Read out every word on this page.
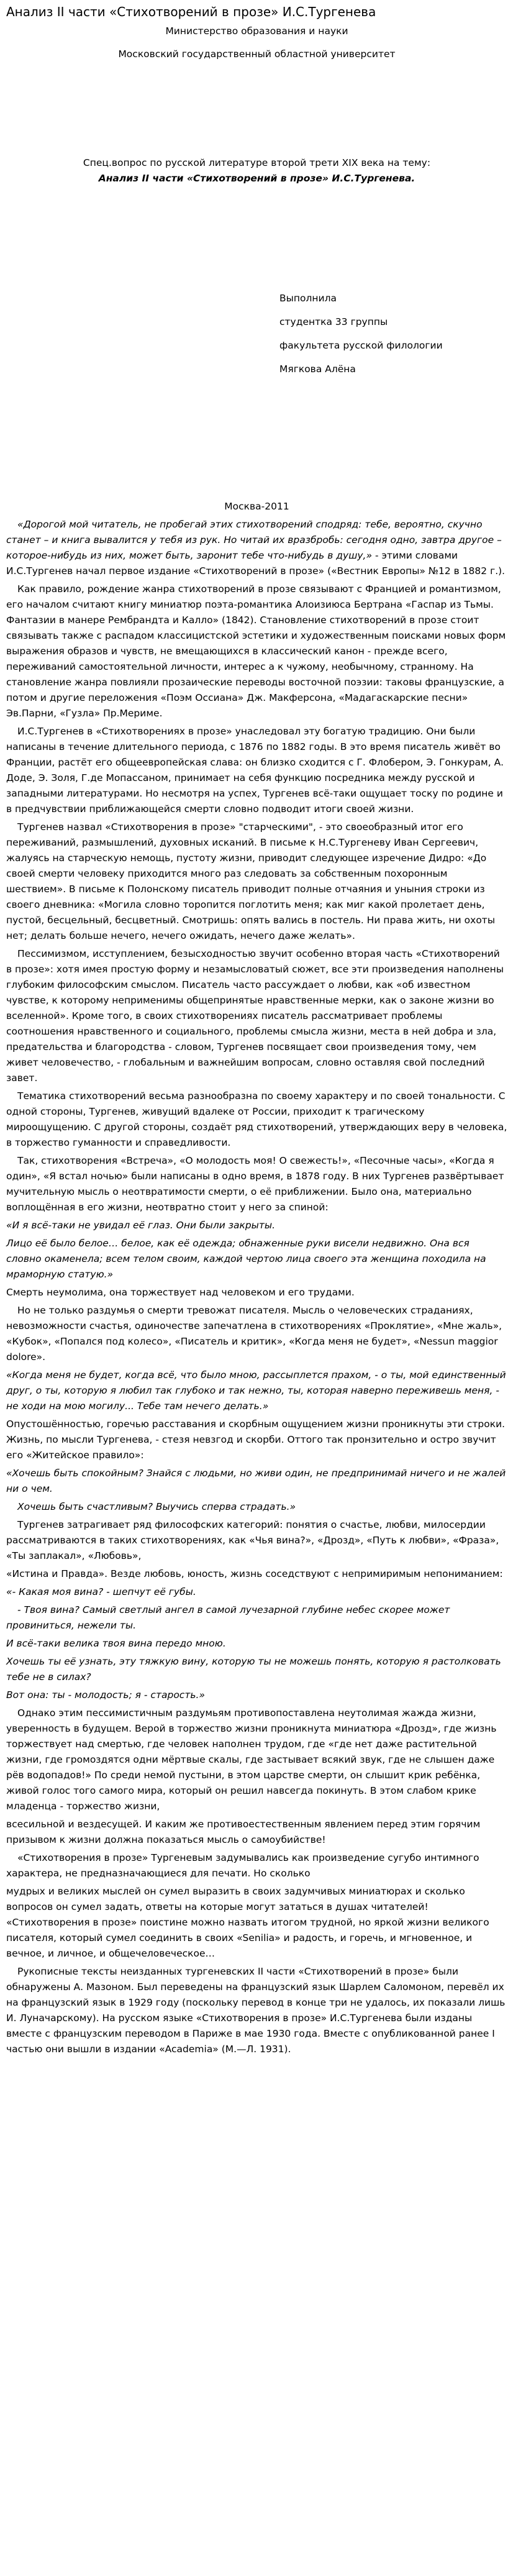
Анализ II части «Стихотворений в прозе» И.С.Тургенева

Министерство образования и науки

Московский государственный областной университет

Спец.вопрос по русской литературе второй трети XIX века на тему:

Анализ II части «Стихотворений в прозе» И.С.Тургенева.

Выполнила

студентка 33 группы

факультета русской филологии

Мягкова Алёна

Москва-2011

«Дорогой мой читатель, не пробегай этих стихотворений сподряд: тебе, вероятно, скучно станет – и книга вывалится у тебя из рук. Но читай их вразбробь: сегодня одно, завтра другое – которое-нибудь из них, может быть, заронит тебе что-нибудь в душу,» - этими словами И.С.Тургенев начал первое издание «Стихотворений в прозе» («Вестник Европы» №12 в 1882 г.).

Как правило, рождение жанра стихотворений в прозе связывают с Францией и романтизмом, его началом считают книгу миниатюр поэта-романтика Алоизиюса Бертрана «Гаспар из Тьмы. Фантазии в манере Рембрандта и Калло» (1842). Становление стихотворений в прозе стоит связывать также с распадом классицистской эстетики и художественным поисками новых форм выражения образов и чувств, не вмещающихся в классический канон - прежде всего, переживаний самостоятельной личности, интерес а к чужому, необычному, странному. На становление жанра повлияли прозаические переводы восточной поэзии: таковы французские, а потом и другие перелoжения «Поэм Оссиана» Дж. Макферсона, «Мадагаскарские песни» Эв.Парни, «Гузла» Пр.Мериме.

И.С.Тургенев в «Стихотворениях в прозе» унаследовал эту богатую традицию. Они были написаны в течение длительного периода, с 1876 по 1882 годы. В это время писатель живёт во Франции, растёт его общеевропейская слава: он близко сходится с Г. Флобером, Э. Гонкурам, А. Доде, Э. Золя, Г.де Мопассаном, принимает на себя функцию посредника между русской и западными литературами. Но несмотря на успех, Тургенев всё-таки ощущает тоску по родине и в предчувствии приближающейся смерти словно подводит итоги своей жизни.

Тургенев назвал «Стихотворения в прозе» "старческими", - это своеобразный итог его переживаний, размышлений, духовных исканий. В письме к Н.С.Тургеневу Иван Сергеевич, жалуясь на старческую немощь, пустоту жизни, приводит следующее изречение Дидро: «До своей смерти человеку приходится много раз следовать за собственным похоронным шествием». В письме к Полонскому писатель приводит полные отчаяния и уныния строки из своего дневника: «Могила словно торопится поглотить меня; как миг какой пролетает день, пустой, бесцельный, бесцветный. Смотришь: опять вались в постель. Ни права жить, ни охоты нет; делать больше нечего, нечего ожидать, нечего даже желать».

Пессимизмом, исступлением, безысходностью звучит особенно вторая часть «Стихотворений в прозе»: хотя имея простую форму и незамысловатый сюжет, все эти произведения наполнены глубоким философским смыслом. Писатель часто рассуждает о любви, как «об известном чувстве, к которому неприменимы общепринятые нравственные мерки, как о законе жизни во вселенной». Кроме того, в своих стихотворениях писатель рассматривает проблемы соотношения нравственного и социального, проблемы смысла жизни, места в ней добра и зла, предательства и благородства - словом, Тургенев посвящает свои произведения тому, чем живет человечество, - глобальным и важнейшим вопросам, словно оставляя свой последний завет.

Тематика стихотворений весьма разнообразна по своему характеру и по своей тональности. С одной стороны, Тургенев, живущий вдалеке от России, приходит к трагическому мироощущению. С другой стороны, создаёт ряд стихотворений, утверждающих веру в человека, в торжество гуманности и справедливости.

Так, стихотворения «Встреча», «О молодость моя! О свежесть!», «Песочные часы», «Когда я один», «Я встал ночью» были написаны в одно время, в 1878 году. В них Тургенев развёртывает мучительную мысль о неотвратимости смерти, о её приближении. Было она, материально воплощённая в его жизни, неотвратно стоит у него за спиной:

«И я всё-таки не увидал её глаз. Они были закрыты.

Лицо её было белое… белое, как её одежда; обнаженные руки висели недвижно. Она вся словно окаменела; всем телом своим, каждой чертою лица своего эта женщина походила на мраморную статую.»

Смерть неумолима, она торжествует над человеком и его трудами.

Но не только раздумья о смерти тревожат писателя. Мысль о человеческих страданиях, невозможности счастья, одиночестве запечатлена в стихотворениях «Проклятие», «Мне жаль», «Кубок», «Попался под колесо», «Писатель и критик», «Когда меня не будет», «Nessun maggior dolore».

«Когда меня не будет, когда всё, что было мною, рассыплется прахом, - о ты, мой единственный друг, о ты, которую я любил так глубоко и так нежно, ты, которая наверно переживешь меня, - не ходи на мою могилу... Тебе там нечего делать.»

Опустошённостью, горечью расставания и скорбным ощущением жизни проникнуты эти строки. Жизнь, по мысли Тургенева, - стезя невзгод и скорби. Оттого так пронзительно и остро звучит его «Житейское правило»:

«Хочешь быть спокойным? Знайся с людьми, но живи один, не предпринимай ничего и не жалей ни о чем.

Хочешь быть счастливым? Выучись сперва страдать.»

Тургенев затрагивает ряд философских категорий: понятия о счастье, любви, милосердии рассматриваются в таких стихотворениях, как «Чья вина?», «Дрозд», «Путь к любви», «Фраза», «Ты заплакал», «Любовь»,

«Истина и Правда». Везде любовь, юность, жизнь соседствуют с непримиримым непониманием:

«- Какая моя вина? - шепчут её губы.

- Твоя вина? Самый светлый ангел в самой лучезарной глубине небес скорее может провиниться, нежели ты.

И всё-таки велика твоя вина передо мною.

Хочешь ты её узнать, эту тяжкую вину, которую ты не можешь понять, которую я растолковать тебе не в силах?

Вот она: ты - молодость; я - старость.»

Однако этим пессимистичным раздумьям противопоставлена неутолимая жажда жизни, уверенность в будущем. Верой в торжество жизни проникнута миниатюра «Дрозд», где жизнь торжествует над смертью, где человек наполнен трудом, где «где нет даже растительной жизни, где громоздятся одни мёртвые скалы, где застывает всякий звук, где не слышен даже рёв водопадов!» По среди немой пустыни, в этом царстве смерти, он слышит крик ребёнка, живой голос того самого мира, который он решил навсегда покинуть. В этом слабом крике младенца - торжество жизни,

всесильной и вездесущей. И каким же противоестественным явлением перед этим горячим призывом к жизни должна показаться мысль о самоубийстве!

«Стихотворения в прозе» Тургеневым задумывались как произведение сугубо интимного характера, не предназначающиеся для печати. Но сколько

мудрых и великих мыслей он сумел выразить в своих задумчивых миниатюрах и сколько вопросов он сумел задать, ответы на которые могут зататься в душах читателей! «Стихотворения в прозе» поистине можно назвать итогом трудной, но яркой жизни великого писателя, который сумел соединить в своих «Senilia» и радость, и горечь, и мгновенное, и вечное, и личное, и общечеловеческое…

Рукописные тексты неизданных тургеневских II части «Стихотворений в прозе» были обнаружены А. Мазоном. Был переведены на французский язык Шарлем Саломоном, перевёл их на французский язык в 1929 году (поскольку перевод в конце три не удалось, их показали лишь И. Луначарскому). На русском языке «Стихотворения в прозе» И.С.Тургенева были изданы вместе с французским переводом в Париже в мае 1930 года. Вместе с опубликованной ранее I частью они вышли в издании «Academia» (М.—Л. 1931).
